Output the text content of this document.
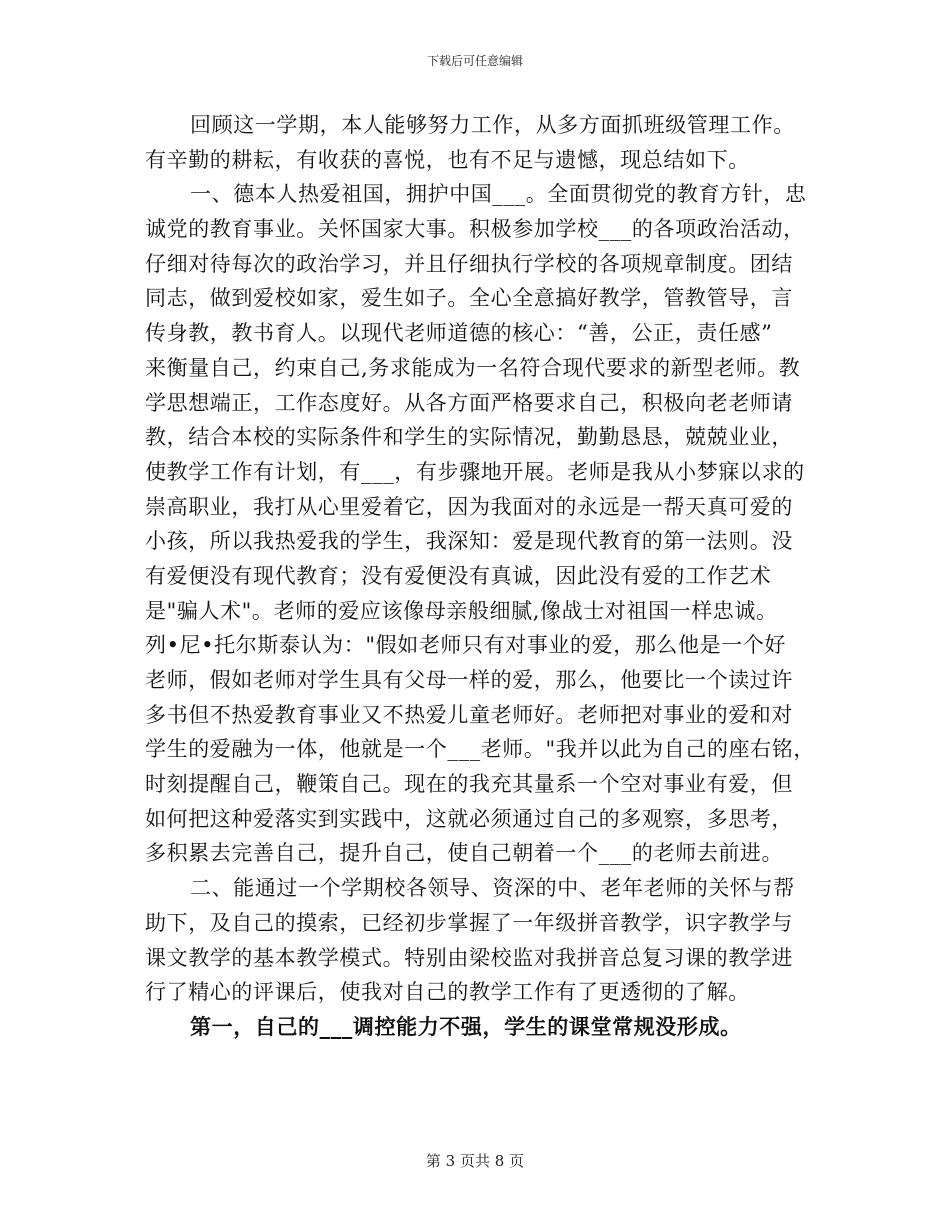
下载后可任意编辑
回顾这一学期，本人能够努力工作，从多方面抓班级管理工作。
有辛勤的耕耘，有收获的喜悦，也有不足与遗憾，现总结如下。
一、德本人热爱祖国，拥护中国___。全面贯彻党的教育方针，忠
诚党的教育事业。关怀国家大事。积极参加学校___的各项政治活动，
仔细对待每次的政治学习，并且仔细执行学校的各项规章制度。团结
同志，做到爱校如家，爱生如子。全心全意搞好教学，管教管导，言
传身教，教书育人。以现代老师道德的核心：“善，公正，责任感”
来衡量自己，约束自己,务求能成为一名符合现代要求的新型老师。教
学思想端正，工作态度好。从各方面严格要求自己，积极向老老师请
教，结合本校的实际条件和学生的实际情况，勤勤恳恳，兢兢业业，
使教学工作有计划，有___，有步骤地开展。老师是我从小梦寐以求的
崇高职业，我打从心里爱着它，因为我面对的永远是一帮天真可爱的
小孩，所以我热爱我的学生，我深知：爱是现代教育的第一法则。没
有爱便没有现代教育；没有爱便没有真诚，因此没有爱的工作艺术
是"骗人术"。老师的爱应该像母亲般细腻,像战士对祖国一样忠诚。
列•尼•托尔斯泰认为："假如老师只有对事业的爱，那么他是一个好
老师，假如老师对学生具有父母一样的爱，那么，他要比一个读过许
多书但不热爱教育事业又不热爱儿童老师好。老师把对事业的爱和对
学生的爱融为一体，他就是一个___老师。"我并以此为自己的座右铭，
时刻提醒自己，鞭策自己。现在的我充其量系一个空对事业有爱，但
如何把这种爱落实到实践中，这就必须通过自己的多观察，多思考，
多积累去完善自己，提升自己，使自己朝着一个___的老师去前进。
二、能通过一个学期校各领导、资深的中、老年老师的关怀与帮
助下，及自己的摸索，已经初步掌握了一年级拼音教学，识字教学与
课文教学的基本教学模式。特别由梁校监对我拼音总复习课的教学进
行了精心的评课后，使我对自己的教学工作有了更透彻的了解。
第一，自己的___调控能力不强，学生的课堂常规没形成。
第 3 页共 8 页
